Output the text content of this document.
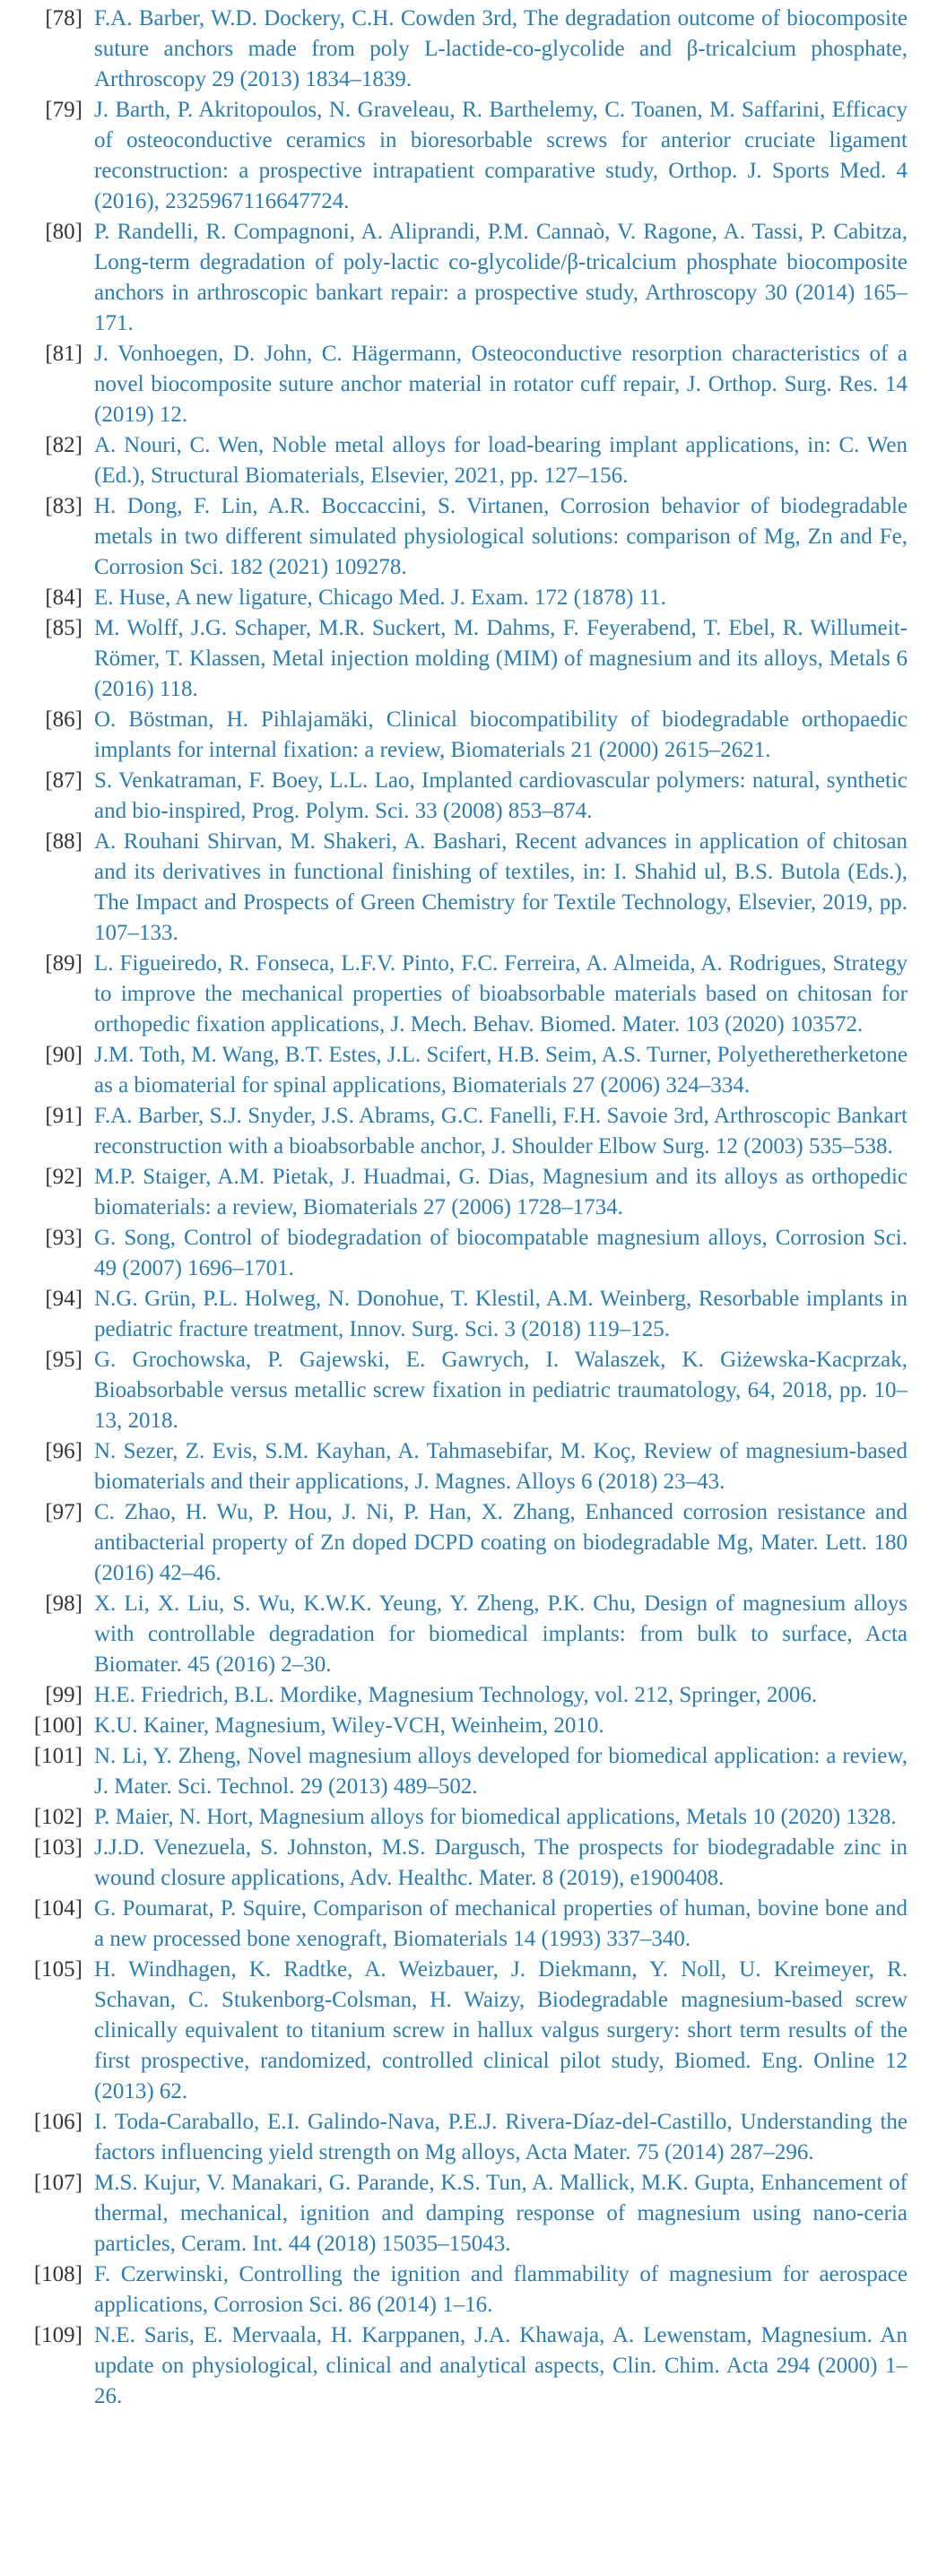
[78] F.A. Barber, W.D. Dockery, C.H. Cowden 3rd, The degradation outcome of biocomposite suture anchors made from poly L-lactide-co-glycolide and β-tricalcium phosphate, Arthroscopy 29 (2013) 1834–1839.
[79] J. Barth, P. Akritopoulos, N. Graveleau, R. Barthelemy, C. Toanen, M. Saffarini, Efficacy of osteoconductive ceramics in bioresorbable screws for anterior cruciate ligament reconstruction: a prospective intrapatient comparative study, Orthop. J. Sports Med. 4 (2016), 2325967116647724.
[80] P. Randelli, R. Compagnoni, A. Aliprandi, P.M. Cannaò, V. Ragone, A. Tassi, P. Cabitza, Long-term degradation of poly-lactic co-glycolide/β-tricalcium phosphate biocomposite anchors in arthroscopic bankart repair: a prospective study, Arthroscopy 30 (2014) 165–171.
[81] J. Vonhoegen, D. John, C. Hägermann, Osteoconductive resorption characteristics of a novel biocomposite suture anchor material in rotator cuff repair, J. Orthop. Surg. Res. 14 (2019) 12.
[82] A. Nouri, C. Wen, Noble metal alloys for load-bearing implant applications, in: C. Wen (Ed.), Structural Biomaterials, Elsevier, 2021, pp. 127–156.
[83] H. Dong, F. Lin, A.R. Boccaccini, S. Virtanen, Corrosion behavior of biodegradable metals in two different simulated physiological solutions: comparison of Mg, Zn and Fe, Corrosion Sci. 182 (2021) 109278.
[84] E. Huse, A new ligature, Chicago Med. J. Exam. 172 (1878) 11.
[85] M. Wolff, J.G. Schaper, M.R. Suckert, M. Dahms, F. Feyerabend, T. Ebel, R. Willumeit-Römer, T. Klassen, Metal injection molding (MIM) of magnesium and its alloys, Metals 6 (2016) 118.
[86] O. Böstman, H. Pihlajamäki, Clinical biocompatibility of biodegradable orthopaedic implants for internal fixation: a review, Biomaterials 21 (2000) 2615–2621.
[87] S. Venkatraman, F. Boey, L.L. Lao, Implanted cardiovascular polymers: natural, synthetic and bio-inspired, Prog. Polym. Sci. 33 (2008) 853–874.
[88] A. Rouhani Shirvan, M. Shakeri, A. Bashari, Recent advances in application of chitosan and its derivatives in functional finishing of textiles, in: I. Shahid ul, B.S. Butola (Eds.), The Impact and Prospects of Green Chemistry for Textile Technology, Elsevier, 2019, pp. 107–133.
[89] L. Figueiredo, R. Fonseca, L.F.V. Pinto, F.C. Ferreira, A. Almeida, A. Rodrigues, Strategy to improve the mechanical properties of bioabsorbable materials based on chitosan for orthopedic fixation applications, J. Mech. Behav. Biomed. Mater. 103 (2020) 103572.
[90] J.M. Toth, M. Wang, B.T. Estes, J.L. Scifert, H.B. Seim, A.S. Turner, Polyetheretherketone as a biomaterial for spinal applications, Biomaterials 27 (2006) 324–334.
[91] F.A. Barber, S.J. Snyder, J.S. Abrams, G.C. Fanelli, F.H. Savoie 3rd, Arthroscopic Bankart reconstruction with a bioabsorbable anchor, J. Shoulder Elbow Surg. 12 (2003) 535–538.
[92] M.P. Staiger, A.M. Pietak, J. Huadmai, G. Dias, Magnesium and its alloys as orthopedic biomaterials: a review, Biomaterials 27 (2006) 1728–1734.
[93] G. Song, Control of biodegradation of biocompatable magnesium alloys, Corrosion Sci. 49 (2007) 1696–1701.
[94] N.G. Grün, P.L. Holweg, N. Donohue, T. Klestil, A.M. Weinberg, Resorbable implants in pediatric fracture treatment, Innov. Surg. Sci. 3 (2018) 119–125.
[95] G. Grochowska, P. Gajewski, E. Gawrych, I. Walaszek, K. Giżewska-Kacprzak, Bioabsorbable versus metallic screw fixation in pediatric traumatology, 64, 2018, pp. 10–13, 2018.
[96] N. Sezer, Z. Evis, S.M. Kayhan, A. Tahmasebifar, M. Koç, Review of magnesium-based biomaterials and their applications, J. Magnes. Alloys 6 (2018) 23–43.
[97] C. Zhao, H. Wu, P. Hou, J. Ni, P. Han, X. Zhang, Enhanced corrosion resistance and antibacterial property of Zn doped DCPD coating on biodegradable Mg, Mater. Lett. 180 (2016) 42–46.
[98] X. Li, X. Liu, S. Wu, K.W.K. Yeung, Y. Zheng, P.K. Chu, Design of magnesium alloys with controllable degradation for biomedical implants: from bulk to surface, Acta Biomater. 45 (2016) 2–30.
[99] H.E. Friedrich, B.L. Mordike, Magnesium Technology, vol. 212, Springer, 2006.
[100] K.U. Kainer, Magnesium, Wiley-VCH, Weinheim, 2010.
[101] N. Li, Y. Zheng, Novel magnesium alloys developed for biomedical application: a review, J. Mater. Sci. Technol. 29 (2013) 489–502.
[102] P. Maier, N. Hort, Magnesium alloys for biomedical applications, Metals 10 (2020) 1328.
[103] J.J.D. Venezuela, S. Johnston, M.S. Dargusch, The prospects for biodegradable zinc in wound closure applications, Adv. Healthc. Mater. 8 (2019), e1900408.
[104] G. Poumarat, P. Squire, Comparison of mechanical properties of human, bovine bone and a new processed bone xenograft, Biomaterials 14 (1993) 337–340.
[105] H. Windhagen, K. Radtke, A. Weizbauer, J. Diekmann, Y. Noll, U. Kreimeyer, R. Schavan, C. Stukenborg-Colsman, H. Waizy, Biodegradable magnesium-based screw clinically equivalent to titanium screw in hallux valgus surgery: short term results of the first prospective, randomized, controlled clinical pilot study, Biomed. Eng. Online 12 (2013) 62.
[106] I. Toda-Caraballo, E.I. Galindo-Nava, P.E.J. Rivera-Díaz-del-Castillo, Understanding the factors influencing yield strength on Mg alloys, Acta Mater. 75 (2014) 287–296.
[107] M.S. Kujur, V. Manakari, G. Parande, K.S. Tun, A. Mallick, M.K. Gupta, Enhancement of thermal, mechanical, ignition and damping response of magnesium using nano-ceria particles, Ceram. Int. 44 (2018) 15035–15043.
[108] F. Czerwinski, Controlling the ignition and flammability of magnesium for aerospace applications, Corrosion Sci. 86 (2014) 1–16.
[109] N.E. Saris, E. Mervaala, H. Karppanen, J.A. Khawaja, A. Lewenstam, Magnesium. An update on physiological, clinical and analytical aspects, Clin. Chim. Acta 294 (2000) 1–26.
